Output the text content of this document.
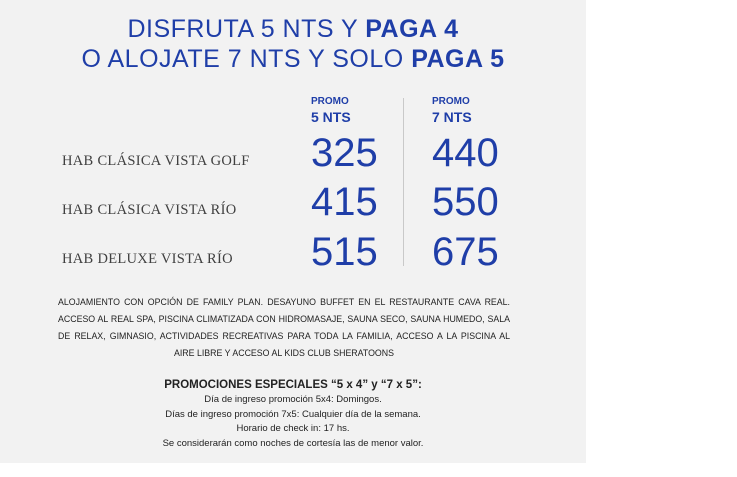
DISFRUTA 5 NTS Y PAGA 4
O ALOJATE 7 NTS Y SOLO PAGA 5
PROMO
5 NTS
PROMO
7 NTS
HAB CLÁSICA VISTA GOLF 325 440
HAB CLÁSICA VISTA RÍO 415 550
HAB DELUXE VISTA RÍO 515 675
ALOJAMIENTO CON OPCIÓN DE FAMILY PLAN. DESAYUNO BUFFET EN EL RESTAURANTE CAVA REAL. ACCESO AL REAL SPA, PISCINA CLIMATIZADA CON HIDROMASAJE, SAUNA SECO, SAUNA HUMEDO, SALA DE RELAX, GIMNASIO, ACTIVIDADES RECREATIVAS PARA TODA LA FAMILIA, ACCESO A LA PISCINA AL AIRE LIBRE Y ACCESO AL KIDS CLUB SHERATOONS
PROMOCIONES ESPECIALES “5 x 4” y “7 x 5”:
Día de ingreso promoción 5x4: Domingos.
Días de ingreso promoción 7x5: Cualquier día de la semana.
Horario de check in: 17 hs.
Se considerarán como noches de cortesía las de menor valor.
